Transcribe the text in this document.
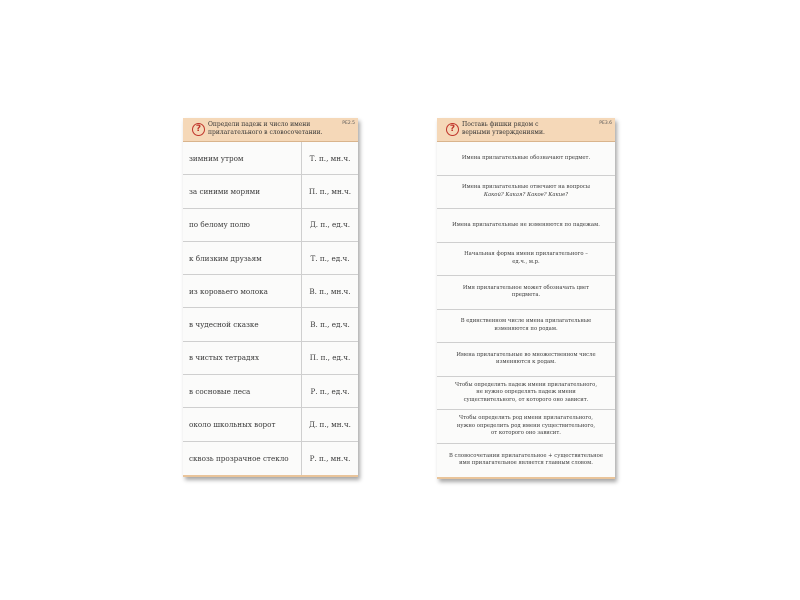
?	Определи падеж и число имени
прилагательного в словосочетании.
РЕ2.5
зимним утром	Т. п., мн.ч.
за синими морями	П. п., мн.ч.
по белому полю	Д. п., ед.ч.
к близким друзьям	Т. п., ед.ч.
из коровьего молока	В. п., мн.ч.
в чудесной сказке	В. п., ед.ч.
в чистых тетрадях	П. п., ед.ч.
в сосновые леса	Р. п., ед.ч.
около школьных ворот	Д. п., мн.ч.
сквозь прозрачное стекло	Р. п., мн.ч.
?	Поставь фишки рядом с
верными утверждениями.
РЕ3.6
Имена прилагательные обозначают предмет.
Имена прилагательные отвечают на вопросы
Какой? Какая? Какое? Какие?
Имена прилагательные не изменяются по падежам.
Начальная форма имени прилагательного –
ед.ч., м.р.
Имя прилагательное может обозначать цвет
предмета.
В единственном числе имена прилагательные
изменяются по родам.
Имена прилагательные во множественном числе
изменяются к родам.
Чтобы определить падеж имени прилагательного,
не нужно определять падеж имени
существительного, от которого оно зависит.
Чтобы определить род имени прилагательного,
нужно определить род имени существительного,
от которого оно зависит.
В словосочетании прилагательное + существительное
имя прилагательное является главным словом.
